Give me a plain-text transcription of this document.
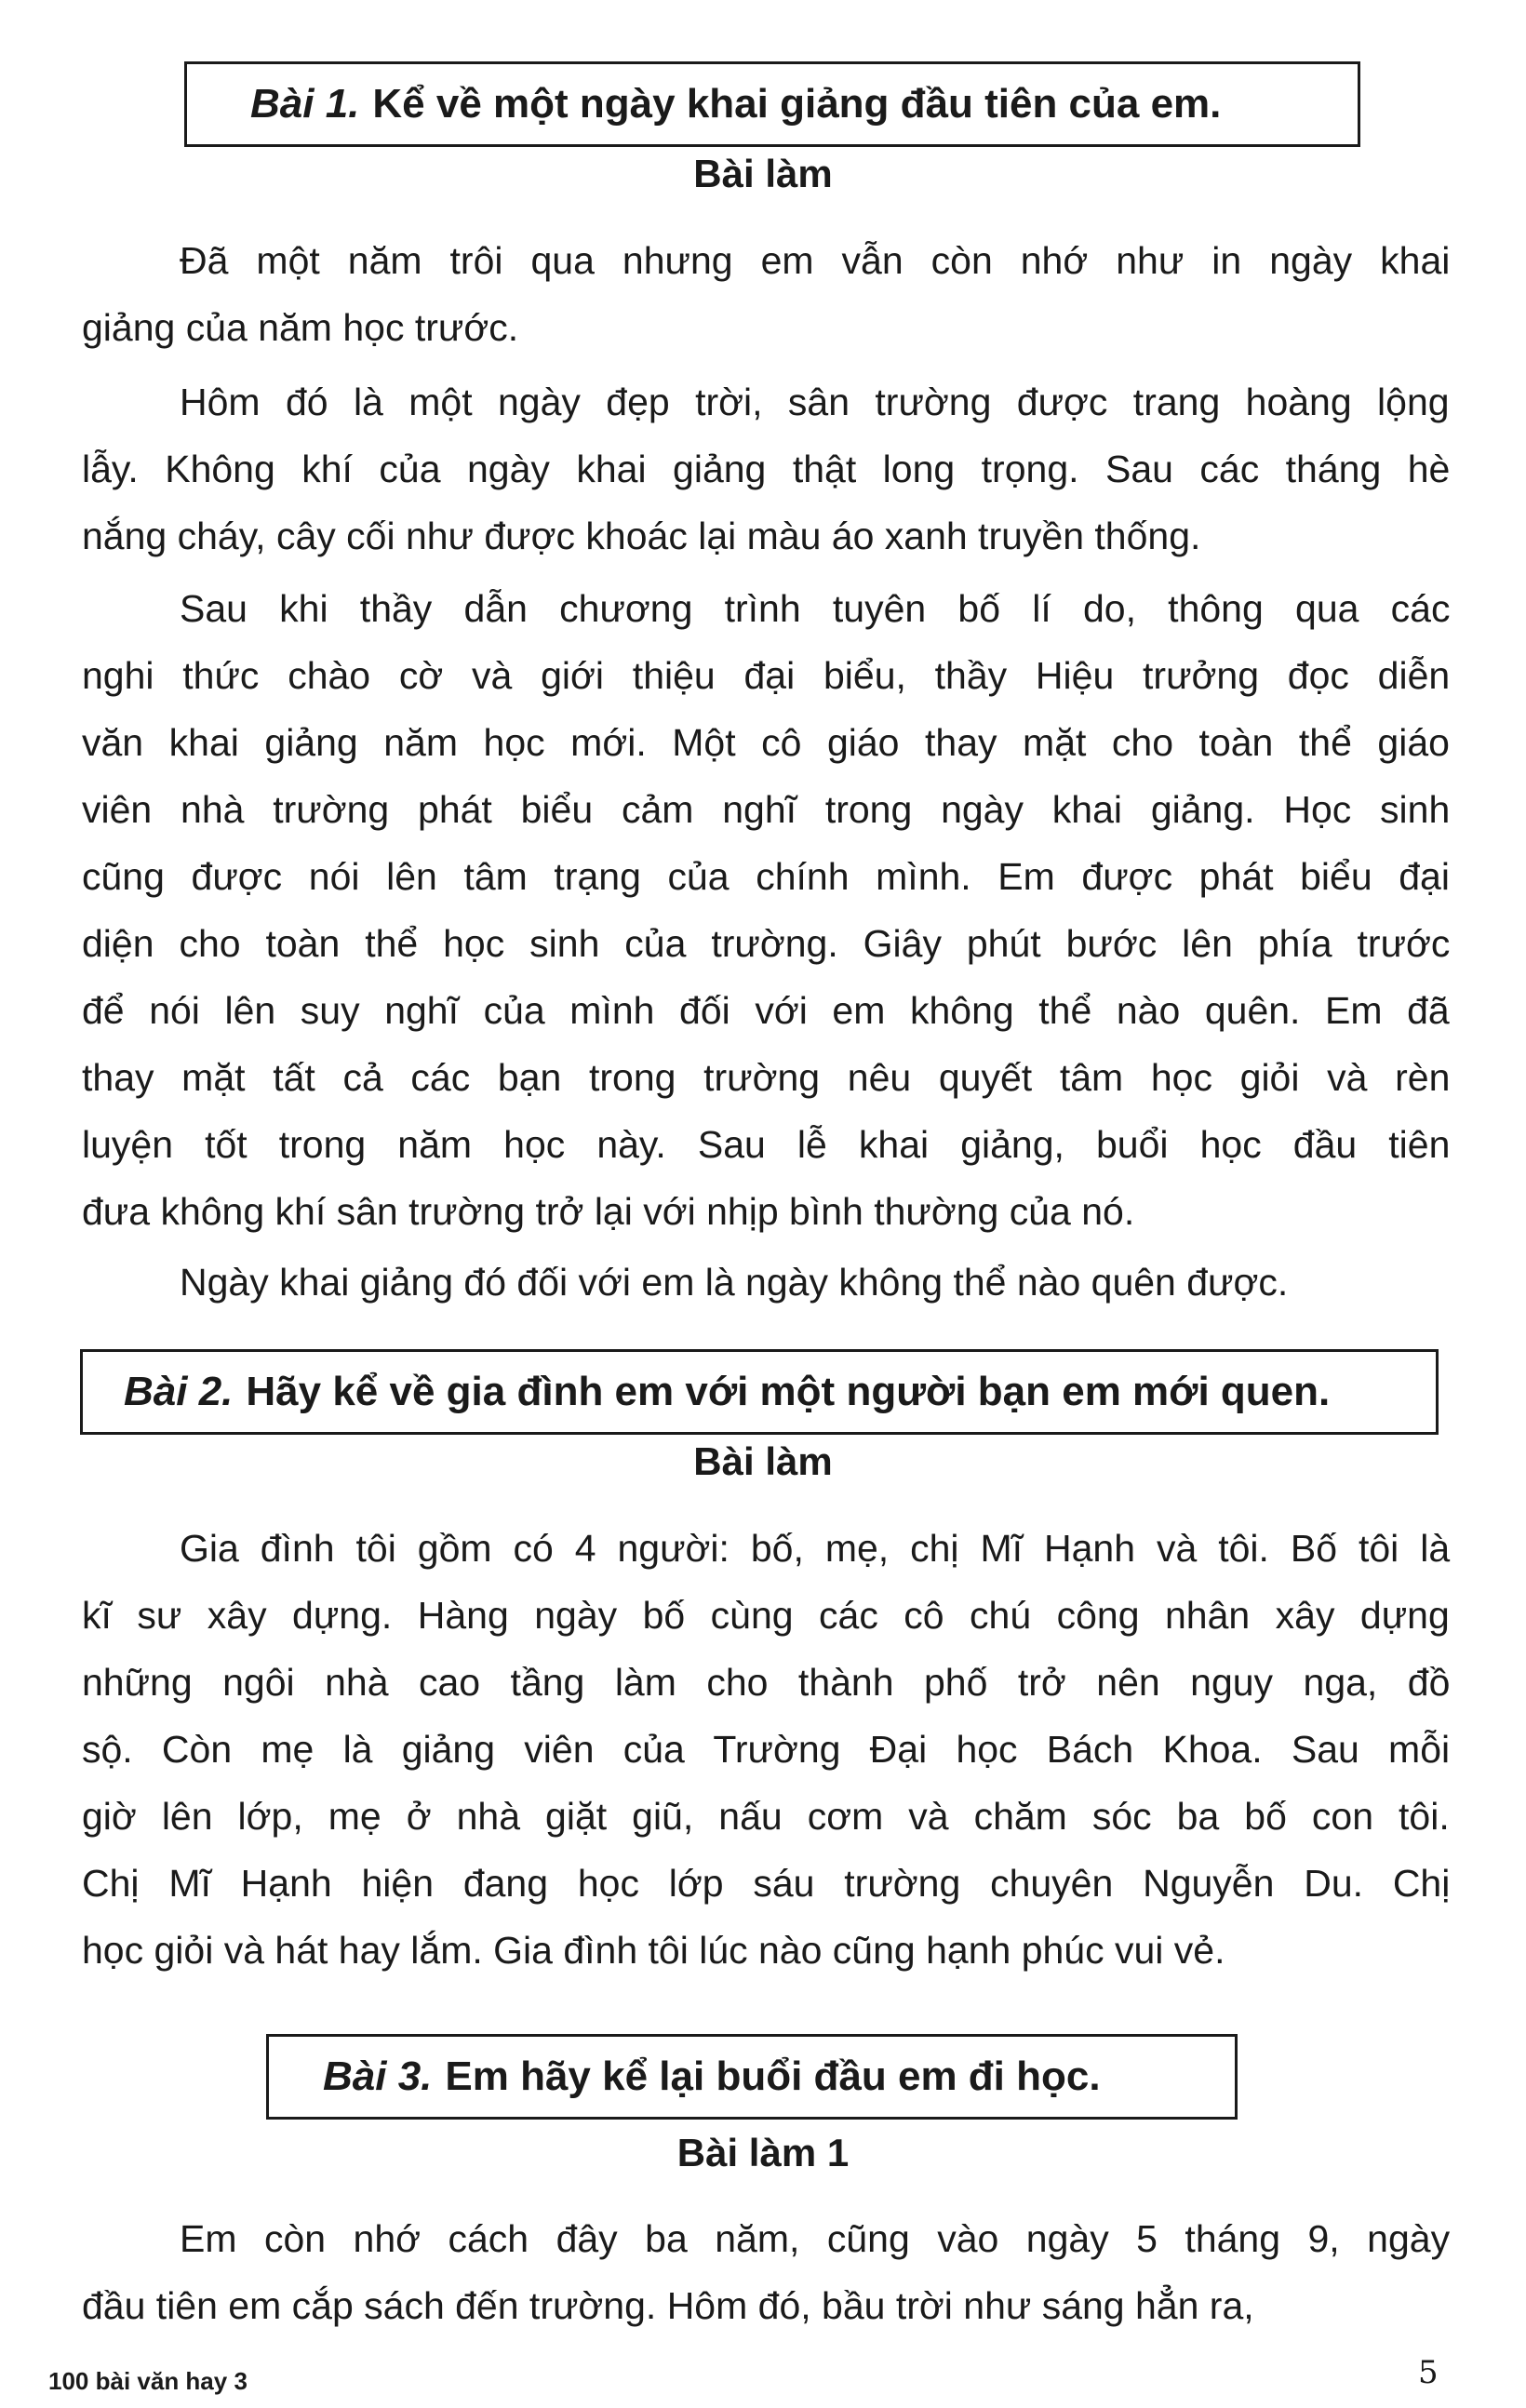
Bài 1. Kể về một ngày khai giảng đầu tiên của em.
Bài làm
Đã một năm trôi qua nhưng em vẫn còn nhớ như in ngày khai
giảng của năm học trước.
Hôm đó là một ngày đẹp trời, sân trường được trang hoàng lộng
lẫy. Không khí của ngày khai giảng thật long trọng. Sau các tháng hè
nắng cháy, cây cối như được khoác lại màu áo xanh truyền thống.
Sau khi thầy dẫn chương trình tuyên bố lí do, thông qua các
nghi thức chào cờ và giới thiệu đại biểu, thầy Hiệu trưởng đọc diễn
văn khai giảng năm học mới. Một cô giáo thay mặt cho toàn thể giáo
viên nhà trường phát biểu cảm nghĩ trong ngày khai giảng. Học sinh
cũng được nói lên tâm trạng của chính mình. Em được phát biểu đại
diện cho toàn thể học sinh của trường. Giây phút bước lên phía trước
để nói lên suy nghĩ của mình đối với em không thể nào quên. Em đã
thay mặt tất cả các bạn trong trường nêu quyết tâm học giỏi và rèn
luyện tốt trong năm học này. Sau lễ khai giảng, buổi học đầu tiên
đưa không khí sân trường trở lại với nhịp bình thường của nó.
Ngày khai giảng đó đối với em là ngày không thể nào quên được.
Bài 2. Hãy kể về gia đình em với một người bạn em mới quen.
Bài làm
Gia đình tôi gồm có 4 người: bố, mẹ, chị Mĩ Hạnh và tôi. Bố tôi là
kĩ sư xây dựng. Hàng ngày bố cùng các cô chú công nhân xây dựng
những ngôi nhà cao tầng làm cho thành phố trở nên nguy nga, đồ
sộ. Còn mẹ là giảng viên của Trường Đại học Bách Khoa. Sau mỗi
giờ lên lớp, mẹ ở nhà giặt giũ, nấu cơm và chăm sóc ba bố con tôi.
Chị Mĩ Hạnh hiện đang học lớp sáu trường chuyên Nguyễn Du. Chị
học giỏi và hát hay lắm. Gia đình tôi lúc nào cũng hạnh phúc vui vẻ.
Bài 3. Em hãy kể lại buổi đầu em đi học.
Bài làm 1
Em còn nhớ cách đây ba năm, cũng vào ngày 5 tháng 9, ngày
đầu tiên em cắp sách đến trường. Hôm đó, bầu trời như sáng hẳn ra,
100 bài văn hay 3	5
